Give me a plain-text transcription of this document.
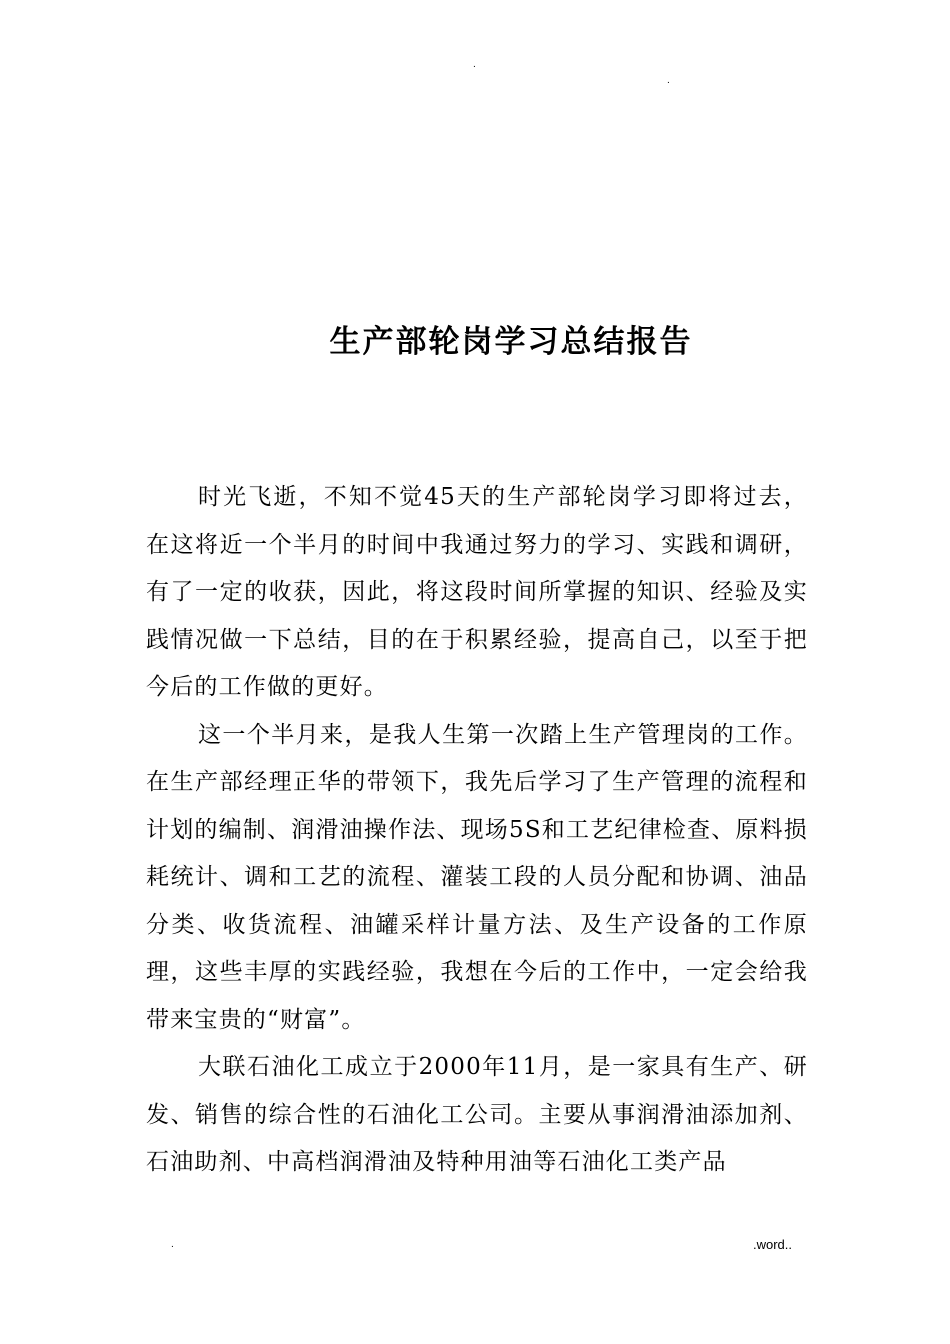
.
.
生产部轮岗学习总结报告

时光飞逝，不知不觉45天的生产部轮岗学习即将过去，在这将近一个半月的时间中我通过努力的学习、实践和调研，有了一定的收获，因此，将这段时间所掌握的知识、经验及实践情况做一下总结，目的在于积累经验，提高自己，以至于把今后的工作做的更好。

这一个半月来，是我人生第一次踏上生产管理岗的工作。在生产部经理正华的带领下，我先后学习了生产管理的流程和计划的编制、润滑油操作法、现场5S和工艺纪律检查、原料损耗统计、调和工艺的流程、灌装工段的人员分配和协调、油品分类、收货流程、油罐采样计量方法、及生产设备的工作原理，这些丰厚的实践经验，我想在今后的工作中，一定会给我带来宝贵的“财富”。

大联石油化工成立于2000年11月，是一家具有生产、研发、销售的综合性的石油化工公司。主要从事润滑油添加剂、石油助剂、中高档润滑油及特种用油等石油化工类产品

.	.word..
